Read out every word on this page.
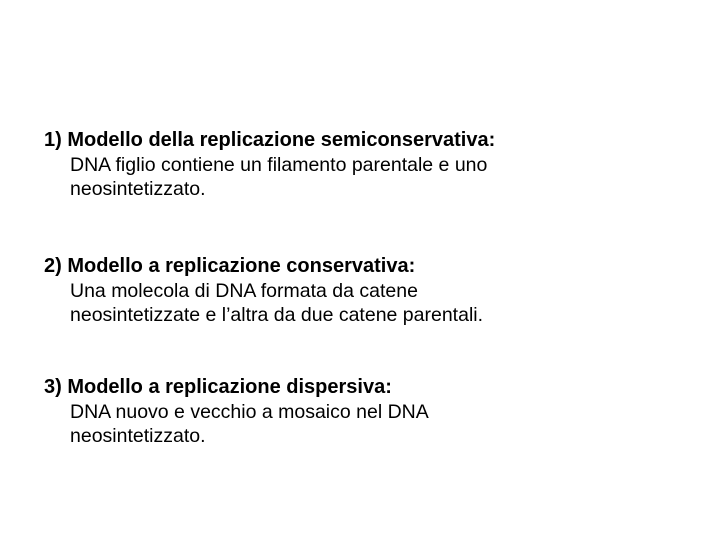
1) Modello della replicazione semiconservativa:
DNA figlio contiene un filamento parentale e uno
neosintetizzato.
2) Modello a replicazione conservativa:
Una molecola di DNA formata da catene
neosintetizzate e l’altra da due catene parentali.
3) Modello a replicazione dispersiva:
DNA nuovo e vecchio a mosaico nel DNA
neosintetizzato.
